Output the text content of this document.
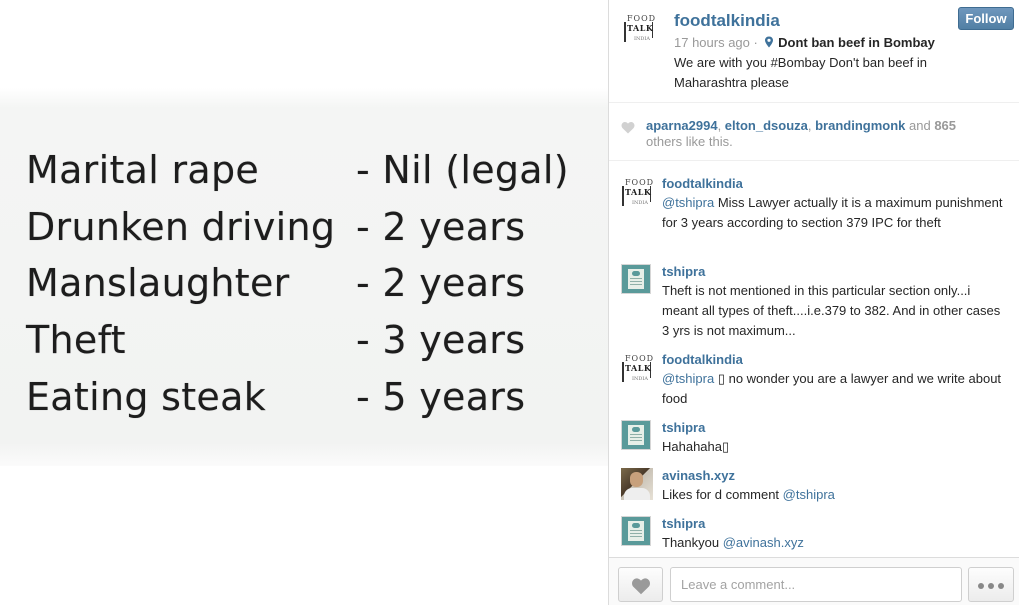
Marital rape	- Nil (legal)
Drunken driving - 2 years
Manslaughter - 2 years
Theft	- 3 years
Eating steak - 5 years
FOOD
TALK
INDIA
foodtalkindia	Follow
17 hours ago · Dont ban beef in Bombay
We are with you #Bombay Don't ban beef in Maharashtra please
aparna2994, elton_dsouza, brandingmonk and 865 others like this.
FOOD
TALK
INDIA
foodtalkindia
@tshipra Miss Lawyer actually it is a maximum punishment for 3 years according to section 379 IPC for theft
tshipra
Theft is not mentioned in this particular section only...i meant all types of theft....i.e.379 to 382. And in other cases 3 yrs is not maximum...
FOOD
TALK
INDIA
foodtalkindia
@tshipra ▯ no wonder you are a lawyer and we write about food
tshipra
Hahahaha▯
avinash.xyz
Likes for d comment @tshipra
tshipra
Thankyou @avinash.xyz
Leave a comment...
